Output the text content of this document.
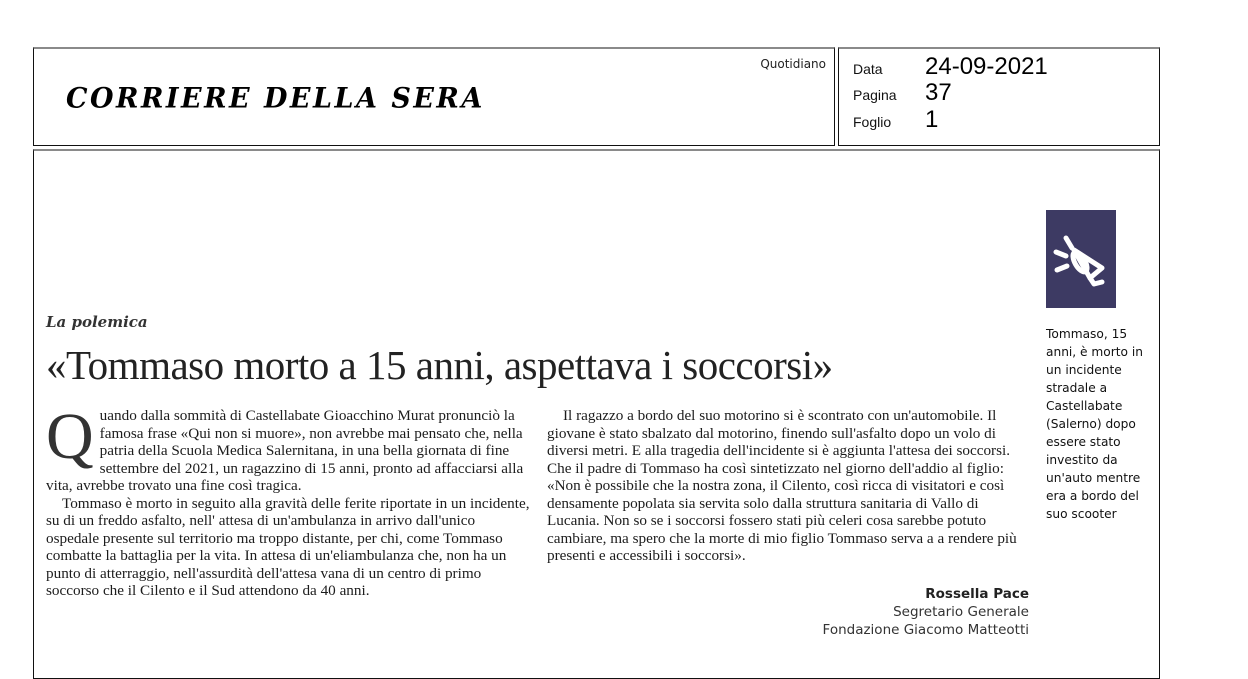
CORRIERE DELLA SERA
Quotidiano Data	24-09-2021
Pagina	37
Foglio	1
La polemica
«Tommaso morto a 15 anni, aspettava i soccorsi»

Quando dalla sommità di Castellabate Gioacchino Murat pronunciò la famosa frase «Qui non si muore», non avrebbe mai pensato che, nella patria della Scuola Medica Salernitana, in una bella giornata di fine settembre del 2021, un ragazzino di 15 anni, pronto ad affacciarsi alla vita, avrebbe trovato una fine così tragica.

Tommaso è morto in seguito alla gravità delle ferite riportate in un incidente, su di un freddo asfalto, nell' attesa di un'ambulanza in arrivo dall'unico ospedale presente sul territorio ma troppo distante, per chi, come Tommaso combatte la battaglia per la vita. In attesa di un'eliambulanza che, non ha un punto di atterraggio, nell'assurdità dell'attesa vana di un centro di primo soccorso che il Cilento e il Sud attendono da 40 anni.

Il ragazzo a bordo del suo motorino si è scontrato con un'automobile. Il giovane è stato sbalzato dal motorino, finendo sull'asfalto dopo un volo di diversi metri. E alla tragedia dell'incidente si è aggiunta l'attesa dei soccorsi. Che il padre di Tommaso ha così sintetizzato nel giorno dell'addio al figlio: «Non è possibile che la nostra zona, il Cilento, così ricca di visitatori e così densamente popolata sia servita solo dalla struttura sanitaria di Vallo di Lucania. Non so se i soccorsi fossero stati più celeri cosa sarebbe potuto cambiare, ma spero che la morte di mio figlio Tommaso serva a a rendere più presenti e accessibili i soccorsi».

Rossella Pace
Segretario Generale
Fondazione Giacomo Matteotti
Tommaso, 15 anni, è morto in un incidente stradale a Castellabate (Salerno) dopo essere stato investito da un'auto mentre era a bordo del suo scooter
